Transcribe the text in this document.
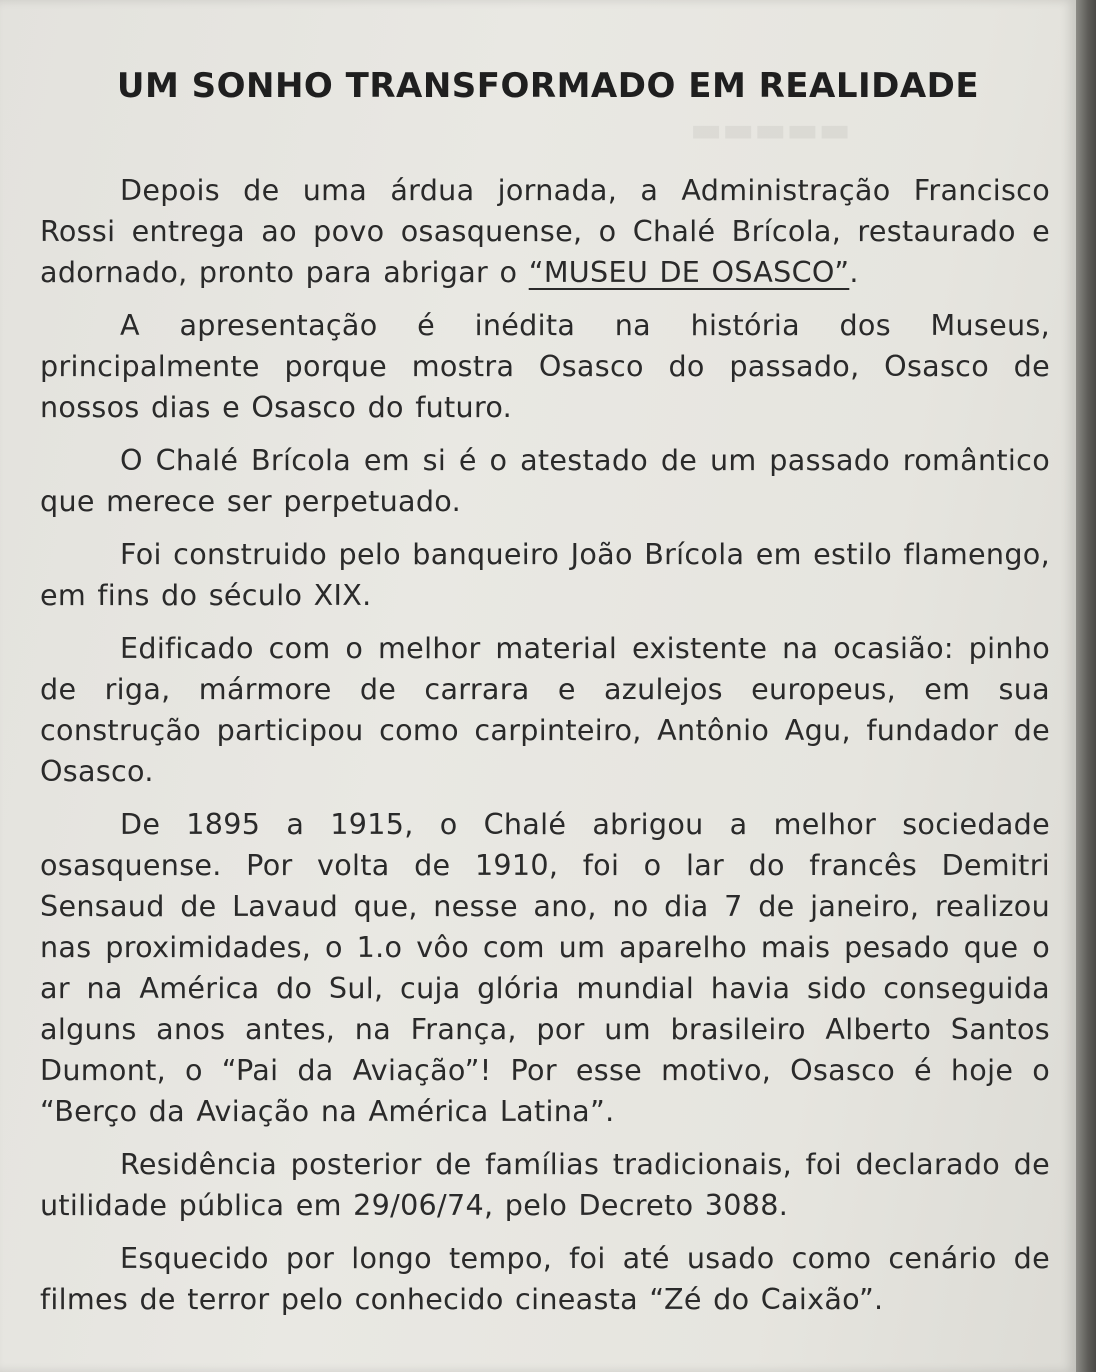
▬▬▬▬▬
UM SONHO TRANSFORMADO EM REALIDADE

Depois de uma árdua jornada, a Administração Francisco Rossi entrega ao povo osasquense, o Chalé Brícola, restaurado e adornado, pronto para abrigar o “MUSEU DE OSASCO”.

A apresentação é inédita na história dos Museus, principalmente porque mostra Osasco do passado, Osasco de nossos dias e Osasco do futuro.

O Chalé Brícola em si é o atestado de um passado romântico que merece ser perpetuado.

Foi construido pelo banqueiro João Brícola em estilo flamengo, em fins do século XIX.

Edificado com o melhor material existente na ocasião: pinho de riga, mármore de carrara e azulejos europeus, em sua construção participou como carpinteiro, Antônio Agu, fundador de Osasco.

De 1895 a 1915, o Chalé abrigou a melhor sociedade osasquense. Por volta de 1910, foi o lar do francês Demitri Sensaud de Lavaud que, nesse ano, no dia 7 de janeiro, realizou nas proximidades, o 1.o vôo com um aparelho mais pesado que o ar na América do Sul, cuja glória mundial havia sido conseguida alguns anos antes, na França, por um brasileiro Alberto Santos Dumont, o “Pai da Aviação”! Por esse motivo, Osasco é hoje o “Berço da Aviação na América Latina”.

Residência posterior de famílias tradicionais, foi declarado de utilidade pública em 29/06/74, pelo Decreto 3088.

Esquecido por longo tempo, foi até usado como cenário de filmes de terror pelo conhecido cineasta “Zé do Caixão”.
